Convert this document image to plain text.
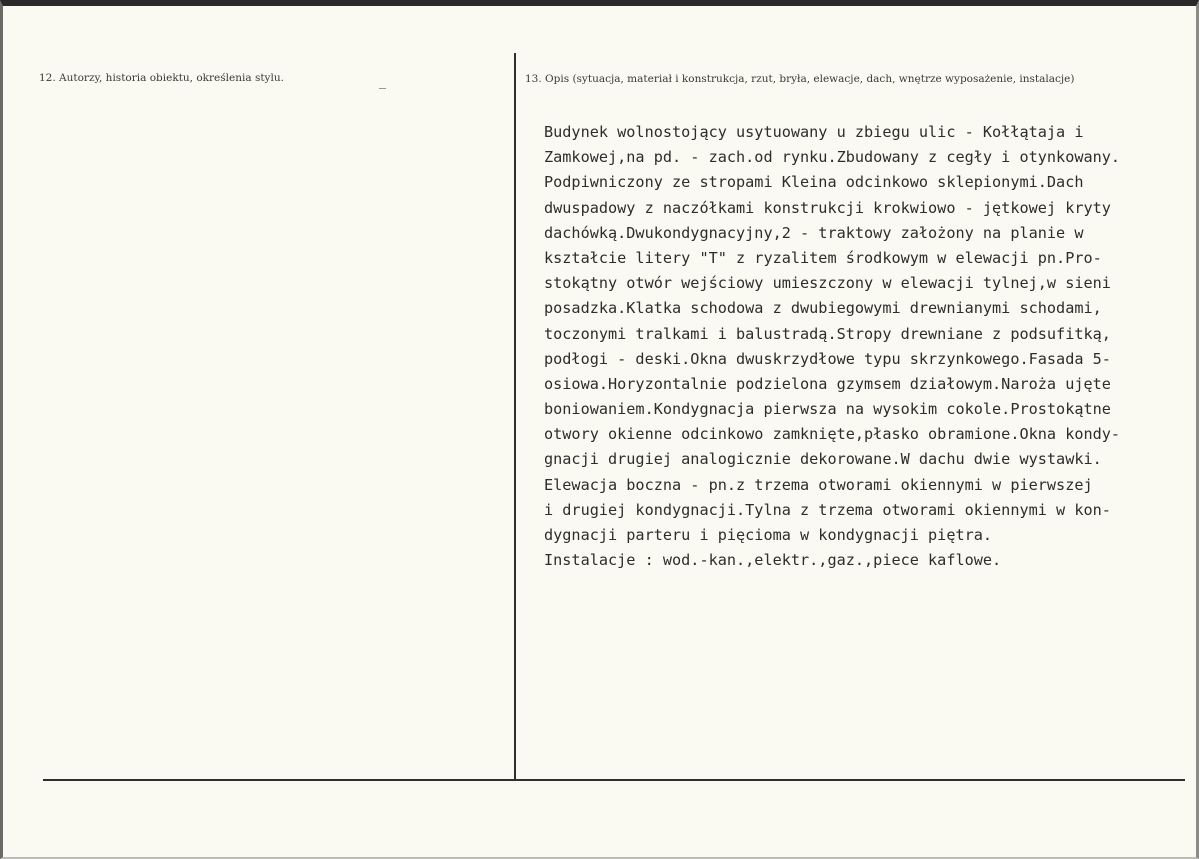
12. Autorzy, historia obiektu, określenia stylu.	13. Opis (sytuacja, materiał i konstrukcja, rzut, bryła, elewacje, dach, wnętrze wyposażenie, instalacje)
Budynek wolnostojący usytuowany u zbiegu ulic - Kołłątaja i
Zamkowej,na pd. - zach.od rynku.Zbudowany z cegły i otynkowany.
Podpiwniczony ze stropami Kleina odcinkowo sklepionymi.Dach
dwuspadowy z naczółkami konstrukcji krokwiowo - jętkowej kryty
dachówką.Dwukondygnacyjny,2 - traktowy założony na planie w
kształcie litery "T" z ryzalitem środkowym w elewacji pn.Pro-
stokątny otwór wejściowy umieszczony w elewacji tylnej,w sieni
posadzka.Klatka schodowa z dwubiegowymi drewnianymi schodami,
toczonymi tralkami i balustradą.Stropy drewniane z podsufitką,
podłogi - deski.Okna dwuskrzydłowe typu skrzynkowego.Fasada 5-
osiowa.Horyzontalnie podzielona gzymsem działowym.Naroża ujęte
boniowaniem.Kondygnacja pierwsza na wysokim cokole.Prostokątne
otwory okienne odcinkowo zamknięte,płasko obramione.Okna kondy-
gnacji drugiej analogicznie dekorowane.W dachu dwie wystawki.
Elewacja boczna - pn.z trzema otworami okiennymi w pierwszej
i drugiej kondygnacji.Tylna z trzema otworami okiennymi w kon-
dygnacji parteru i pięcioma w kondygnacji piętra.
Instalacje : wod.-kan.,elektr.,gaz.,piece kaflowe.
